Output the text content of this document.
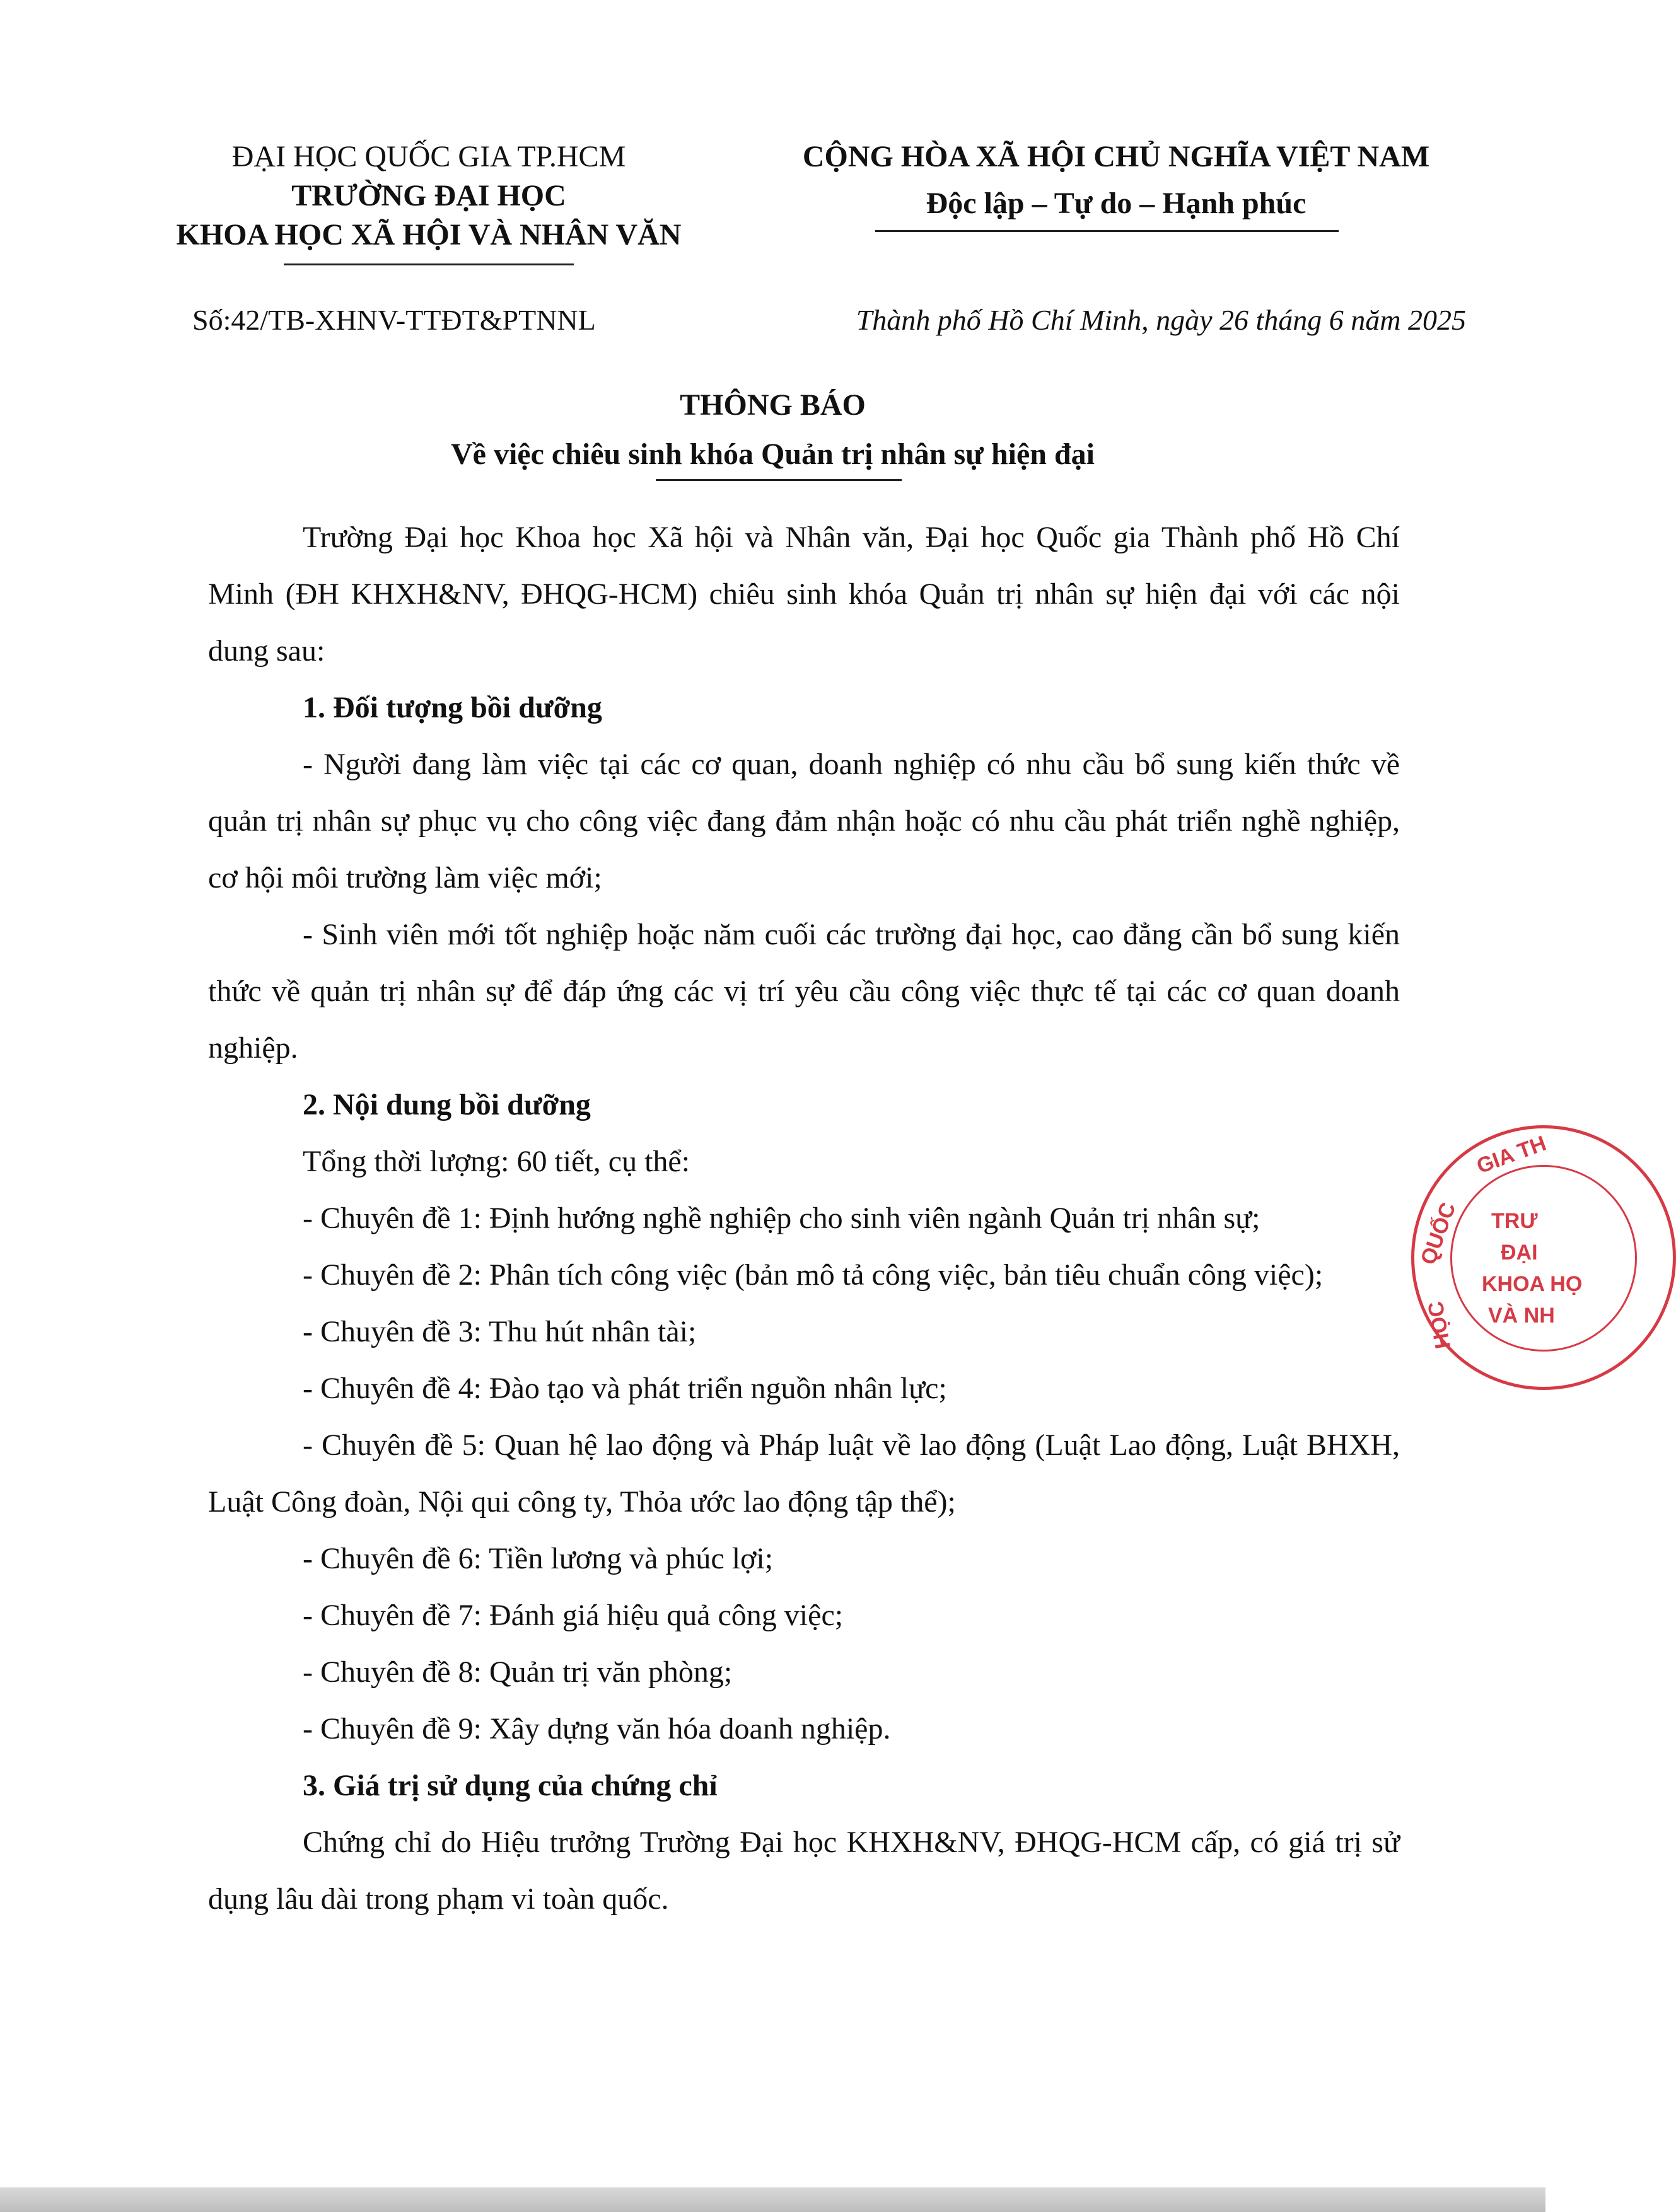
ĐẠI HỌC QUỐC GIA TP.HCM
TRƯỜNG ĐẠI HỌC
KHOA HỌC XÃ HỘI VÀ NHÂN VĂN
CỘNG HÒA XÃ HỘI CHỦ NGHĨA VIỆT NAM
Độc lập – Tự do – Hạnh phúc
Số:42/TB-XHNV-TTĐT&PTNNL	Thành phố Hồ Chí Minh, ngày 26 tháng 6 năm 2025
THÔNG BÁO
Về việc chiêu sinh khóa Quản trị nhân sự hiện đại

Trường Đại học Khoa học Xã hội và Nhân văn, Đại học Quốc gia Thành phố Hồ Chí Minh (ĐH KHXH&NV, ĐHQG-HCM) chiêu sinh khóa Quản trị nhân sự hiện đại với các nội dung sau:

1. Đối tượng bồi dưỡng

- Người đang làm việc tại các cơ quan, doanh nghiệp có nhu cầu bổ sung kiến thức về quản trị nhân sự phục vụ cho công việc đang đảm nhận hoặc có nhu cầu phát triển nghề nghiệp, cơ hội môi trường làm việc mới;

- Sinh viên mới tốt nghiệp hoặc năm cuối các trường đại học, cao đẳng cần bổ sung kiến thức về quản trị nhân sự để đáp ứng các vị trí yêu cầu công việc thực tế tại các cơ quan doanh nghiệp.

2. Nội dung bồi dưỡng

Tổng thời lượng: 60 tiết, cụ thể:

- Chuyên đề 1: Định hướng nghề nghiệp cho sinh viên ngành Quản trị nhân sự;

- Chuyên đề 2: Phân tích công việc (bản mô tả công việc, bản tiêu chuẩn công việc);

- Chuyên đề 3: Thu hút nhân tài;

- Chuyên đề 4: Đào tạo và phát triển nguồn nhân lực;

- Chuyên đề 5: Quan hệ lao động và Pháp luật về lao động (Luật Lao động, Luật BHXH, Luật Công đoàn, Nội qui công ty, Thỏa ước lao động tập thể);

- Chuyên đề 6: Tiền lương và phúc lợi;

- Chuyên đề 7: Đánh giá hiệu quả công việc;

- Chuyên đề 8: Quản trị văn phòng;

- Chuyên đề 9: Xây dựng văn hóa doanh nghiệp.

3. Giá trị sử dụng của chứng chỉ

Chứng chỉ do Hiệu trưởng Trường Đại học KHXH&NV, ĐHQG-HCM cấp, có giá trị sử dụng lâu dài trong phạm vi toàn quốc.

GIA TH
TRƯ
ĐẠI
KHOA HỌ
VÀ NH
QUỐC
HỌC
